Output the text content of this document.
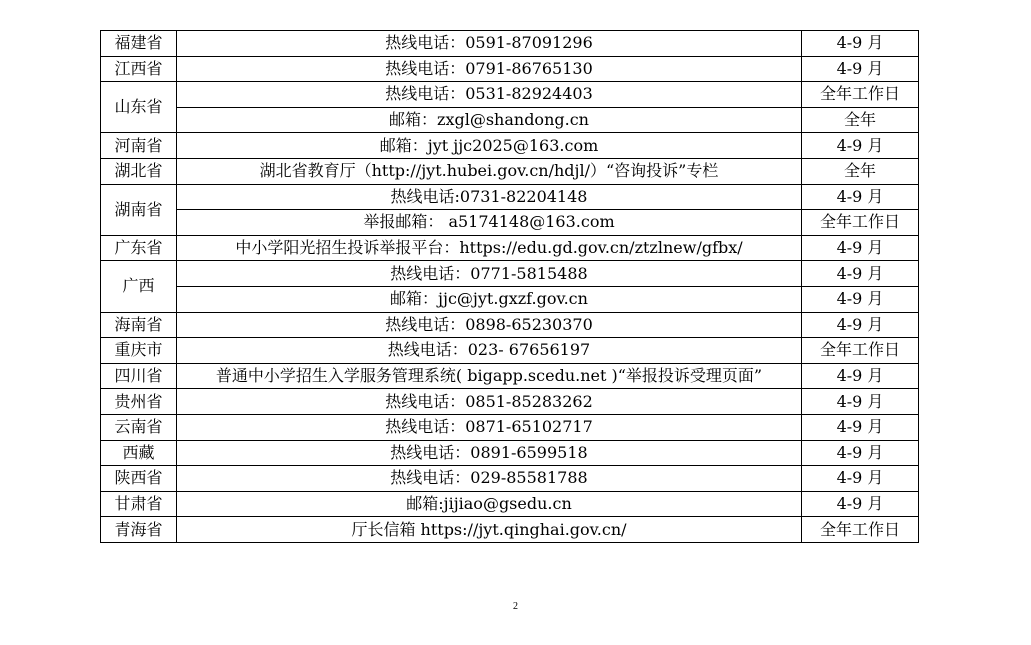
福建省	热线电话：0591-87091296	4-9 月
江西省	热线电话：0791-86765130	4-9 月
山东省	热线电话：0531-82924403	全年工作日
	邮箱：zxgl@shandong.cn	全年
河南省	邮箱：jyt jjc2025@163.com	4-9 月
湖北省	湖北省教育厅（http://jyt.hubei.gov.cn/hdjl/）“咨询投诉”专栏	全年
湖南省	热线电话:0731-82204148	4-9 月
	举报邮箱： a5174148@163.com	全年工作日
广东省	中小学阳光招生投诉举报平台：https://edu.gd.gov.cn/ztzlnew/gfbx/	4-9 月
广西	热线电话：0771-5815488	4-9 月
	邮箱：jjc@jyt.gxzf.gov.cn	4-9 月
海南省	热线电话：0898-65230370	4-9 月
重庆市	热线电话：023- 67656197	全年工作日
四川省	普通中小学招生入学服务管理系统( bigapp.scedu.net )“举报投诉受理页面”	4-9 月
贵州省	热线电话：0851-85283262	4-9 月
云南省	热线电话：0871-65102717	4-9 月
西藏	热线电话：0891-6599518	4-9 月
陕西省	热线电话：029-85581788	4-9 月
甘肃省	邮箱:jijiao@gsedu.cn	4-9 月
青海省	厅长信箱 https://jyt.qinghai.gov.cn/	全年工作日
2
